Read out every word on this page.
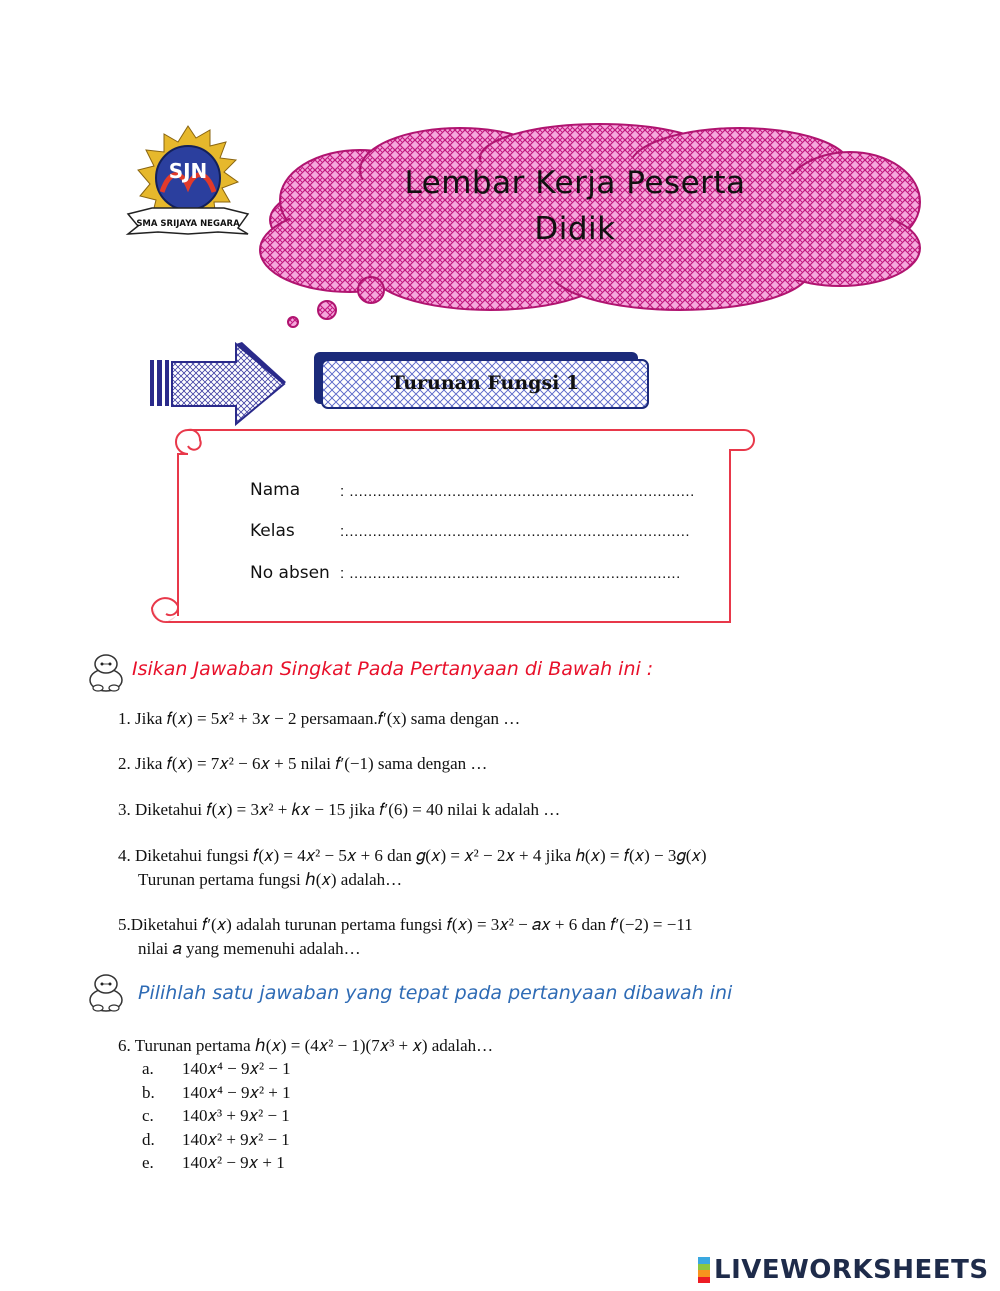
SJN
SMA SRIJAYA NEGARA
Lembar Kerja Peserta
Didik
Turunan Fungsi 1
Nama	: ..........................................................................
Kelas	:..........................................................................
No absen : .......................................................................
Isikan Jawaban Singkat Pada Pertanyaan di Bawah ini :
1. Jika 𝑓(𝑥) = 5𝑥² + 3𝑥 − 2 persamaan.𝑓′(x) sama dengan …
2. Jika 𝑓(𝑥) = 7𝑥² − 6𝑥 + 5 nilai 𝑓′(−1) sama dengan …
3. Diketahui 𝑓(𝑥) = 3𝑥² + 𝑘𝑥 − 15 jika 𝑓′(6) = 40 nilai k adalah …
4. Diketahui fungsi 𝑓(𝑥) = 4𝑥² − 5𝑥 + 6 dan 𝑔(𝑥) = 𝑥² − 2𝑥 + 4 jika ℎ(𝑥) = 𝑓(𝑥) − 3𝑔(𝑥)
Turunan pertama fungsi ℎ(𝑥) adalah…
5.Diketahui 𝑓′(𝑥) adalah turunan pertama fungsi 𝑓(𝑥) = 3𝑥² − 𝑎𝑥 + 6 dan 𝑓′(−2) = −11
nilai 𝑎 yang memenuhi adalah…
Pilihlah satu jawaban yang tepat pada pertanyaan dibawah ini
6. Turunan pertama ℎ(𝑥) = (4𝑥² − 1)(7𝑥³ + 𝑥) adalah…
a. 140𝑥⁴ − 9𝑥² − 1
b. 140𝑥⁴ − 9𝑥² + 1
c. 140𝑥³ + 9𝑥² − 1
d. 140𝑥² + 9𝑥² − 1
e. 140𝑥² − 9𝑥 + 1
LIVEWORKSHEETS
